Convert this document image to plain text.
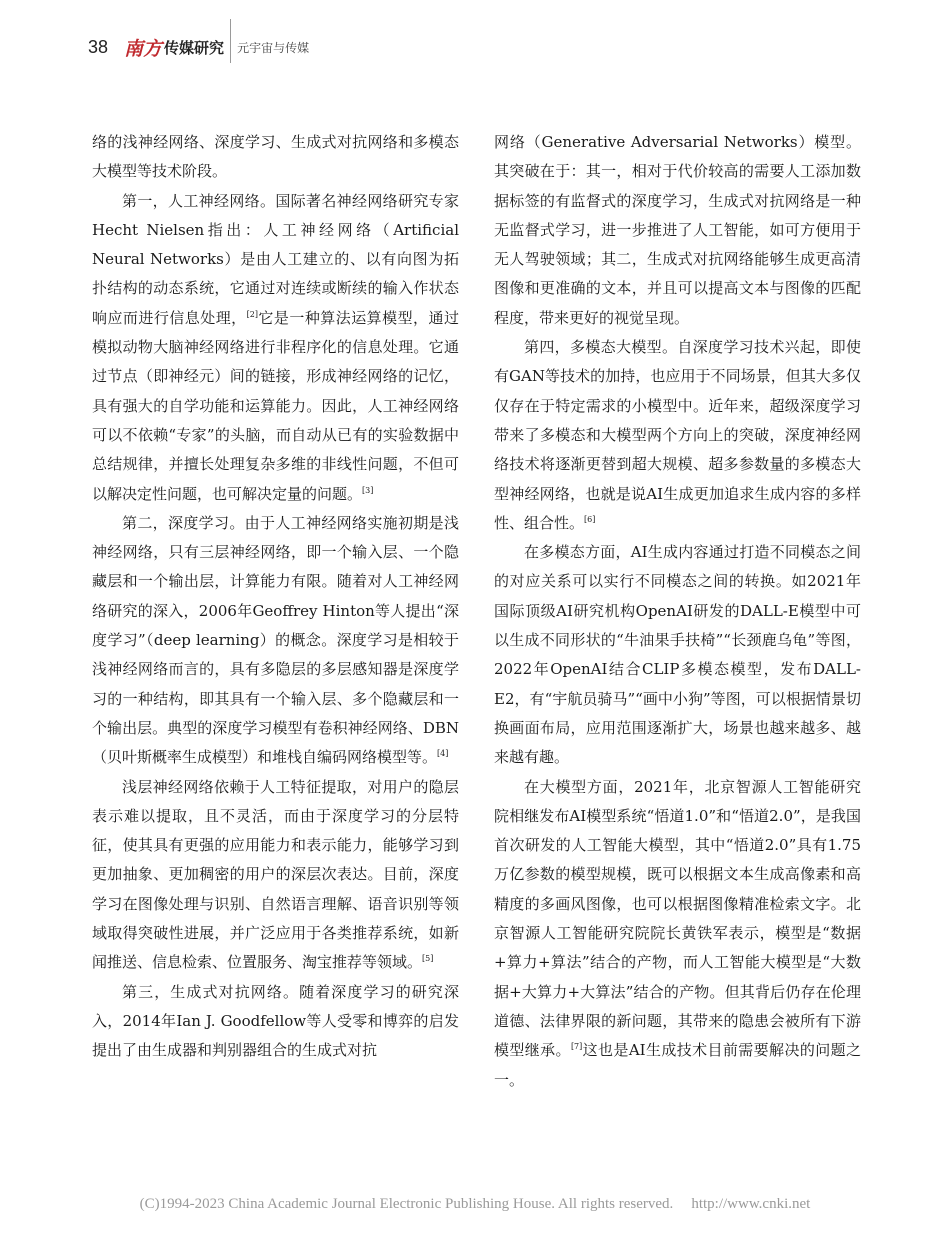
38 南方 传媒研究 元宇宙与传媒

络的浅神经网络、深度学习、生成式对抗网络和多模态大模型等技术阶段。

第一，人工神经网络。国际著名神经网络研究专家Hecht Nielsen指出：人工神经网络（Artificial Neural Networks）是由人工建立的、以有向图为拓扑结构的动态系统，它通过对连续或断续的输入作状态响应而进行信息处理，[2]它是一种算法运算模型，通过模拟动物大脑神经网络进行非程序化的信息处理。它通过节点（即神经元）间的链接，形成神经网络的记忆，具有强大的自学功能和运算能力。因此，人工神经网络可以不依赖“专家”的头脑，而自动从已有的实验数据中总结规律，并擅长处理复杂多维的非线性问题，不但可以解决定性问题，也可解决定量的问题。[3]

第二，深度学习。由于人工神经网络实施初期是浅神经网络，只有三层神经网络，即一个输入层、一个隐藏层和一个输出层，计算能力有限。随着对人工神经网络研究的深入，2006年Geoffrey Hinton等人提出“深度学习”（deep learning）的概念。深度学习是相较于浅神经网络而言的，具有多隐层的多层感知器是深度学习的一种结构，即其具有一个输入层、多个隐藏层和一个输出层。典型的深度学习模型有卷积神经网络、DBN（贝叶斯概率生成模型）和堆栈自编码网络模型等。[4]

浅层神经网络依赖于人工特征提取，对用户的隐层表示难以提取，且不灵活，而由于深度学习的分层特征，使其具有更强的应用能力和表示能力，能够学习到更加抽象、更加稠密的用户的深层次表达。目前，深度学习在图像处理与识别、自然语言理解、语音识别等领域取得突破性进展，并广泛应用于各类推荐系统，如新闻推送、信息检索、位置服务、淘宝推荐等领域。[5]

第三，生成式对抗网络。随着深度学习的研究深入，2014年Ian J. Goodfellow等人受零和博弈的启发提出了由生成器和判别器组合的生成式对抗

网络（Generative Adversarial Networks）模型。其突破在于：其一，相对于代价较高的需要人工添加数据标签的有监督式的深度学习，生成式对抗网络是一种无监督式学习，进一步推进了人工智能，如可方便用于无人驾驶领域；其二，生成式对抗网络能够生成更高清图像和更准确的文本，并且可以提高文本与图像的匹配程度，带来更好的视觉呈现。

第四，多模态大模型。自深度学习技术兴起，即使有GAN等技术的加持，也应用于不同场景，但其大多仅仅存在于特定需求的小模型中。近年来，超级深度学习带来了多模态和大模型两个方向上的突破，深度神经网络技术将逐渐更替到超大规模、超多参数量的多模态大型神经网络，也就是说AI生成更加追求生成内容的多样性、组合性。[6]

在多模态方面，AI生成内容通过打造不同模态之间的对应关系可以实行不同模态之间的转换。如2021年国际顶级AI研究机构OpenAI研发的DALL-E模型中可以生成不同形状的“牛油果手扶椅”“长颈鹿乌龟”等图，2022年OpenAI结合CLIP多模态模型，发布DALL-E2，有“宇航员骑马”“画中小狗”等图，可以根据情景切换画面布局，应用范围逐渐扩大，场景也越来越多、越来越有趣。

在大模型方面，2021年，北京智源人工智能研究院相继发布AI模型系统“悟道1.0”和“悟道2.0”，是我国首次研发的人工智能大模型，其中“悟道2.0”具有1.75万亿参数的模型规模，既可以根据文本生成高像素和高精度的多画风图像，也可以根据图像精准检索文字。北京智源人工智能研究院院长黄铁军表示，模型是“数据+算力+算法”结合的产物，而人工智能大模型是“大数据+大算力+大算法”结合的产物。但其背后仍存在伦理道德、法律界限的新问题，其带来的隐患会被所有下游模型继承。[7]这也是AI生成技术目前需要解决的问题之一。

(C)1994-2023 China Academic Journal Electronic Publishing House. All rights reserved. http://www.cnki.net
